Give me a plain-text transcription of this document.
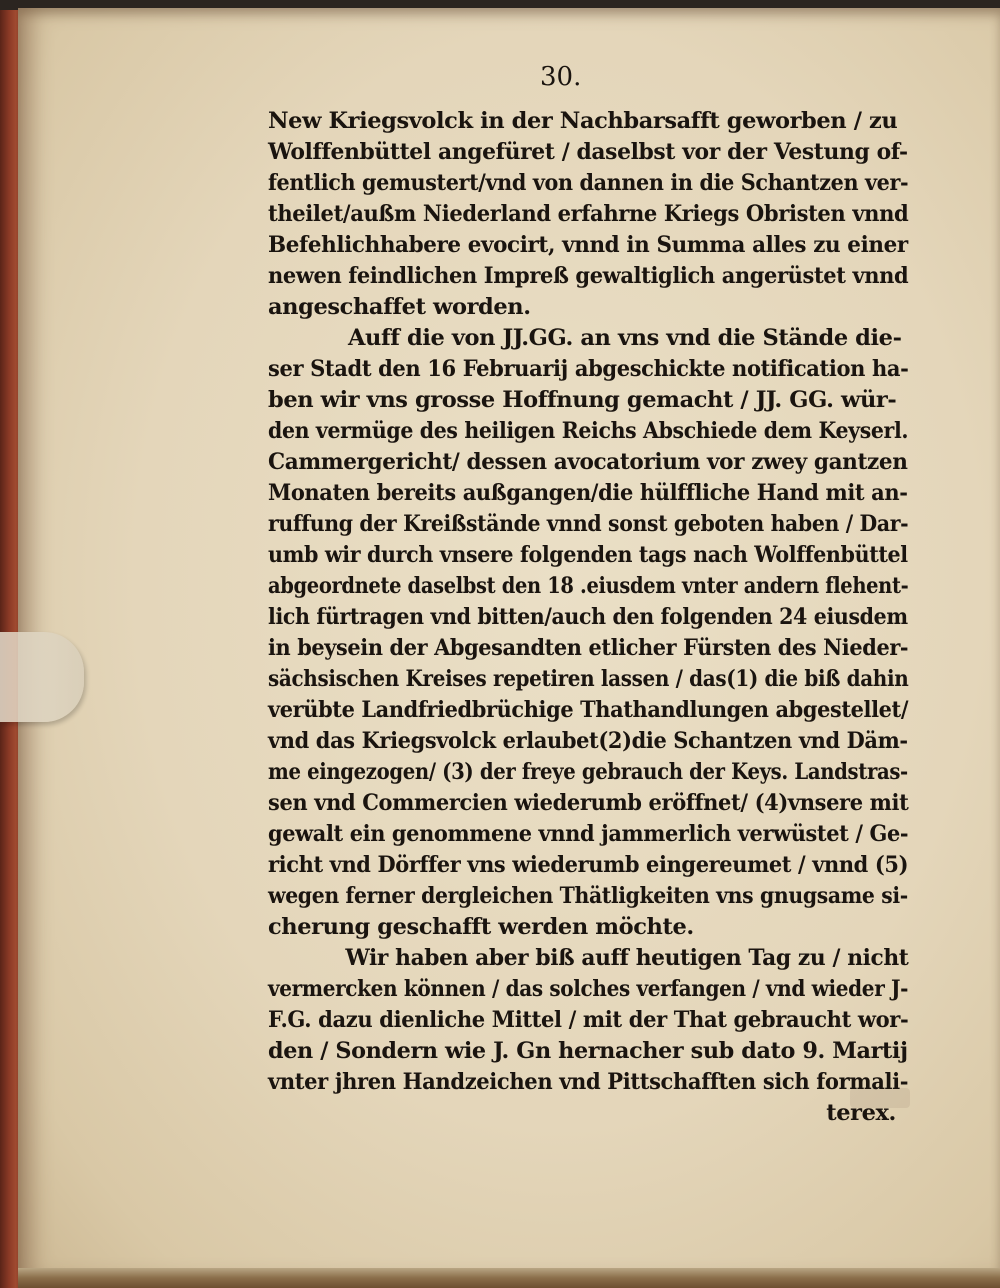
30.
New Kriegsvolck in der Nachbarsafft geworben / zu
Wolffenbüttel angefüret / daselbst vor der Vestung of-
fentlich gemustert/vnd von dannen in die Schantzen ver-
theilet/außm Niederland erfahrne Kriegs Obristen vnnd
Befehlichhabere evocirt, vnnd in Summa alles zu einer
newen feindlichen Impreß gewaltiglich angerüstet vnnd
angeschaffet worden.
Auff die von JJ.GG. an vns vnd die Stände die-
ser Stadt den 16 Februarij abgeschickte notification ha-
ben wir vns grosse Hoffnung gemacht / JJ. GG. wür-
den vermüge des heiligen Reichs Abschiede dem Keyserl.
Cammergericht/ dessen avocatorium vor zwey gantzen
Monaten bereits außgangen/die hülffliche Hand mit an-
ruffung der Kreißstände vnnd sonst geboten haben / Dar-
umb wir durch vnsere folgenden tags nach Wolffenbüttel
abgeordnete daselbst den 18 .eiusdem vnter andern flehent-
lich fürtragen vnd bitten/auch den folgenden 24 eiusdem
in beysein der Abgesandten etlicher Fürsten des Nieder-
sächsischen Kreises repetiren lassen / das(1) die biß dahin
verübte Landfriedbrüchige Thathandlungen abgestellet/
vnd das Kriegsvolck erlaubet(2)die Schantzen vnd Däm-
me eingezogen/ (3) der freye gebrauch der Keys. Landstras-
sen vnd Commercien wiederumb eröffnet/ (4)vnsere mit
gewalt ein genommene vnnd jammerlich verwüstet / Ge-
richt vnd Dörffer vns wiederumb eingereumet / vnnd (5)
wegen ferner dergleichen Thätligkeiten vns gnugsame si-
cherung geschafft werden möchte.
Wir haben aber biß auff heutigen Tag zu / nicht
vermercken können / das solches verfangen / vnd wieder J-
F.G. dazu dienliche Mittel / mit der That gebraucht wor-
den / Sondern wie J. Gn hernacher sub dato 9. Martij
vnter jhren Handzeichen vnd Pittschafften sich formali-
terex.
